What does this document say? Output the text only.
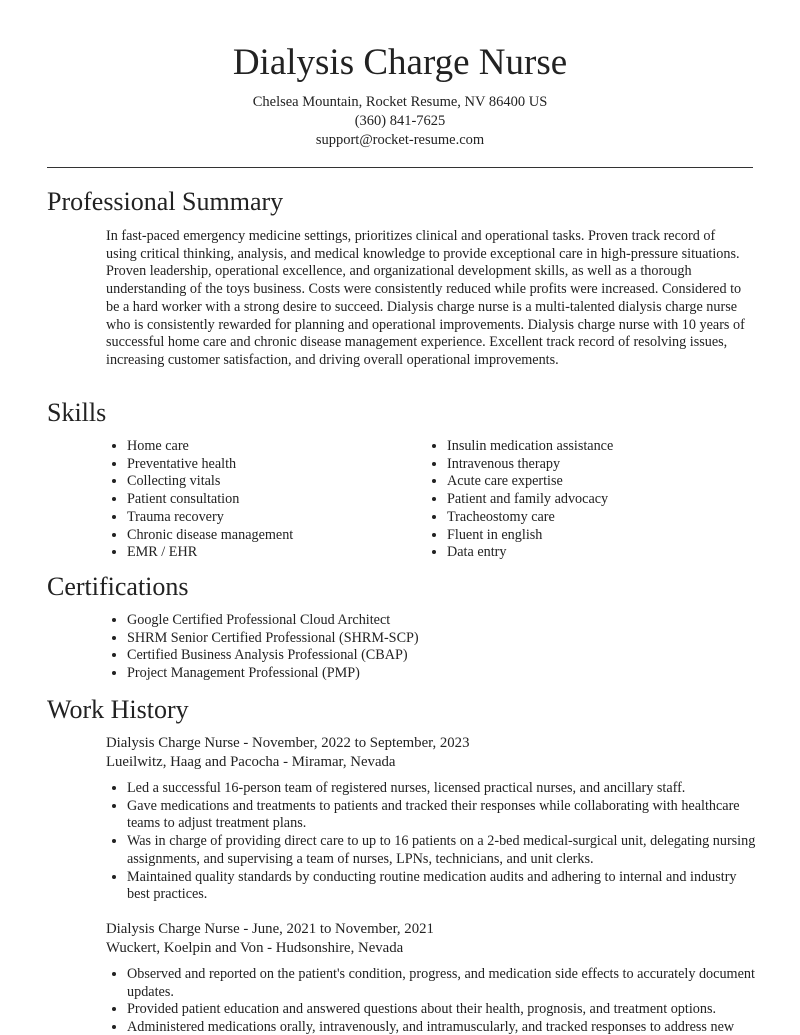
Dialysis Charge Nurse
Chelsea Mountain, Rocket Resume, NV 86400 US
(360) 841-7625
support@rocket-resume.com
Professional Summary
In fast-paced emergency medicine settings, prioritizes clinical and operational tasks. Proven track record of using critical thinking, analysis, and medical knowledge to provide exceptional care in high-pressure situations. Proven leadership, operational excellence, and organizational development skills, as well as a thorough understanding of the toys business. Costs were consistently reduced while profits were increased. Considered to be a hard worker with a strong desire to succeed. Dialysis charge nurse is a multi-talented dialysis charge nurse who is consistently rewarded for planning and operational improvements. Dialysis charge nurse with 10 years of successful home care and chronic disease management experience. Excellent track record of resolving issues, increasing customer satisfaction, and driving overall operational improvements.
Skills
• Home care
• Preventative health
• Collecting vitals
• Patient consultation
• Trauma recovery
• Chronic disease management
• EMR / EHR
• Insulin medication assistance
• Intravenous therapy
• Acute care expertise
• Patient and family advocacy
• Tracheostomy care
• Fluent in english
• Data entry
Certifications
• Google Certified Professional Cloud Architect
• SHRM Senior Certified Professional (SHRM-SCP)
• Certified Business Analysis Professional (CBAP)
• Project Management Professional (PMP)
Work History
Dialysis Charge Nurse - November, 2022 to September, 2023
Lueilwitz, Haag and Pacocha - Miramar, Nevada
• Led a successful 16-person team of registered nurses, licensed practical nurses, and ancillary staff.
• Gave medications and treatments to patients and tracked their responses while collaborating with healthcare teams to adjust treatment plans.
• Was in charge of providing direct care to up to 16 patients on a 2-bed medical-surgical unit, delegating nursing assignments, and supervising a team of nurses, LPNs, technicians, and unit clerks.
• Maintained quality standards by conducting routine medication audits and adhering to internal and industry best practices.
Dialysis Charge Nurse - June, 2021 to November, 2021
Wuckert, Koelpin and Von - Hudsonshire, Nevada
• Observed and reported on the patient's condition, progress, and medication side effects to accurately document updates.
• Provided patient education and answered questions about their health, prognosis, and treatment options.
• Administered medications orally, intravenously, and intramuscularly, and tracked responses to address new
